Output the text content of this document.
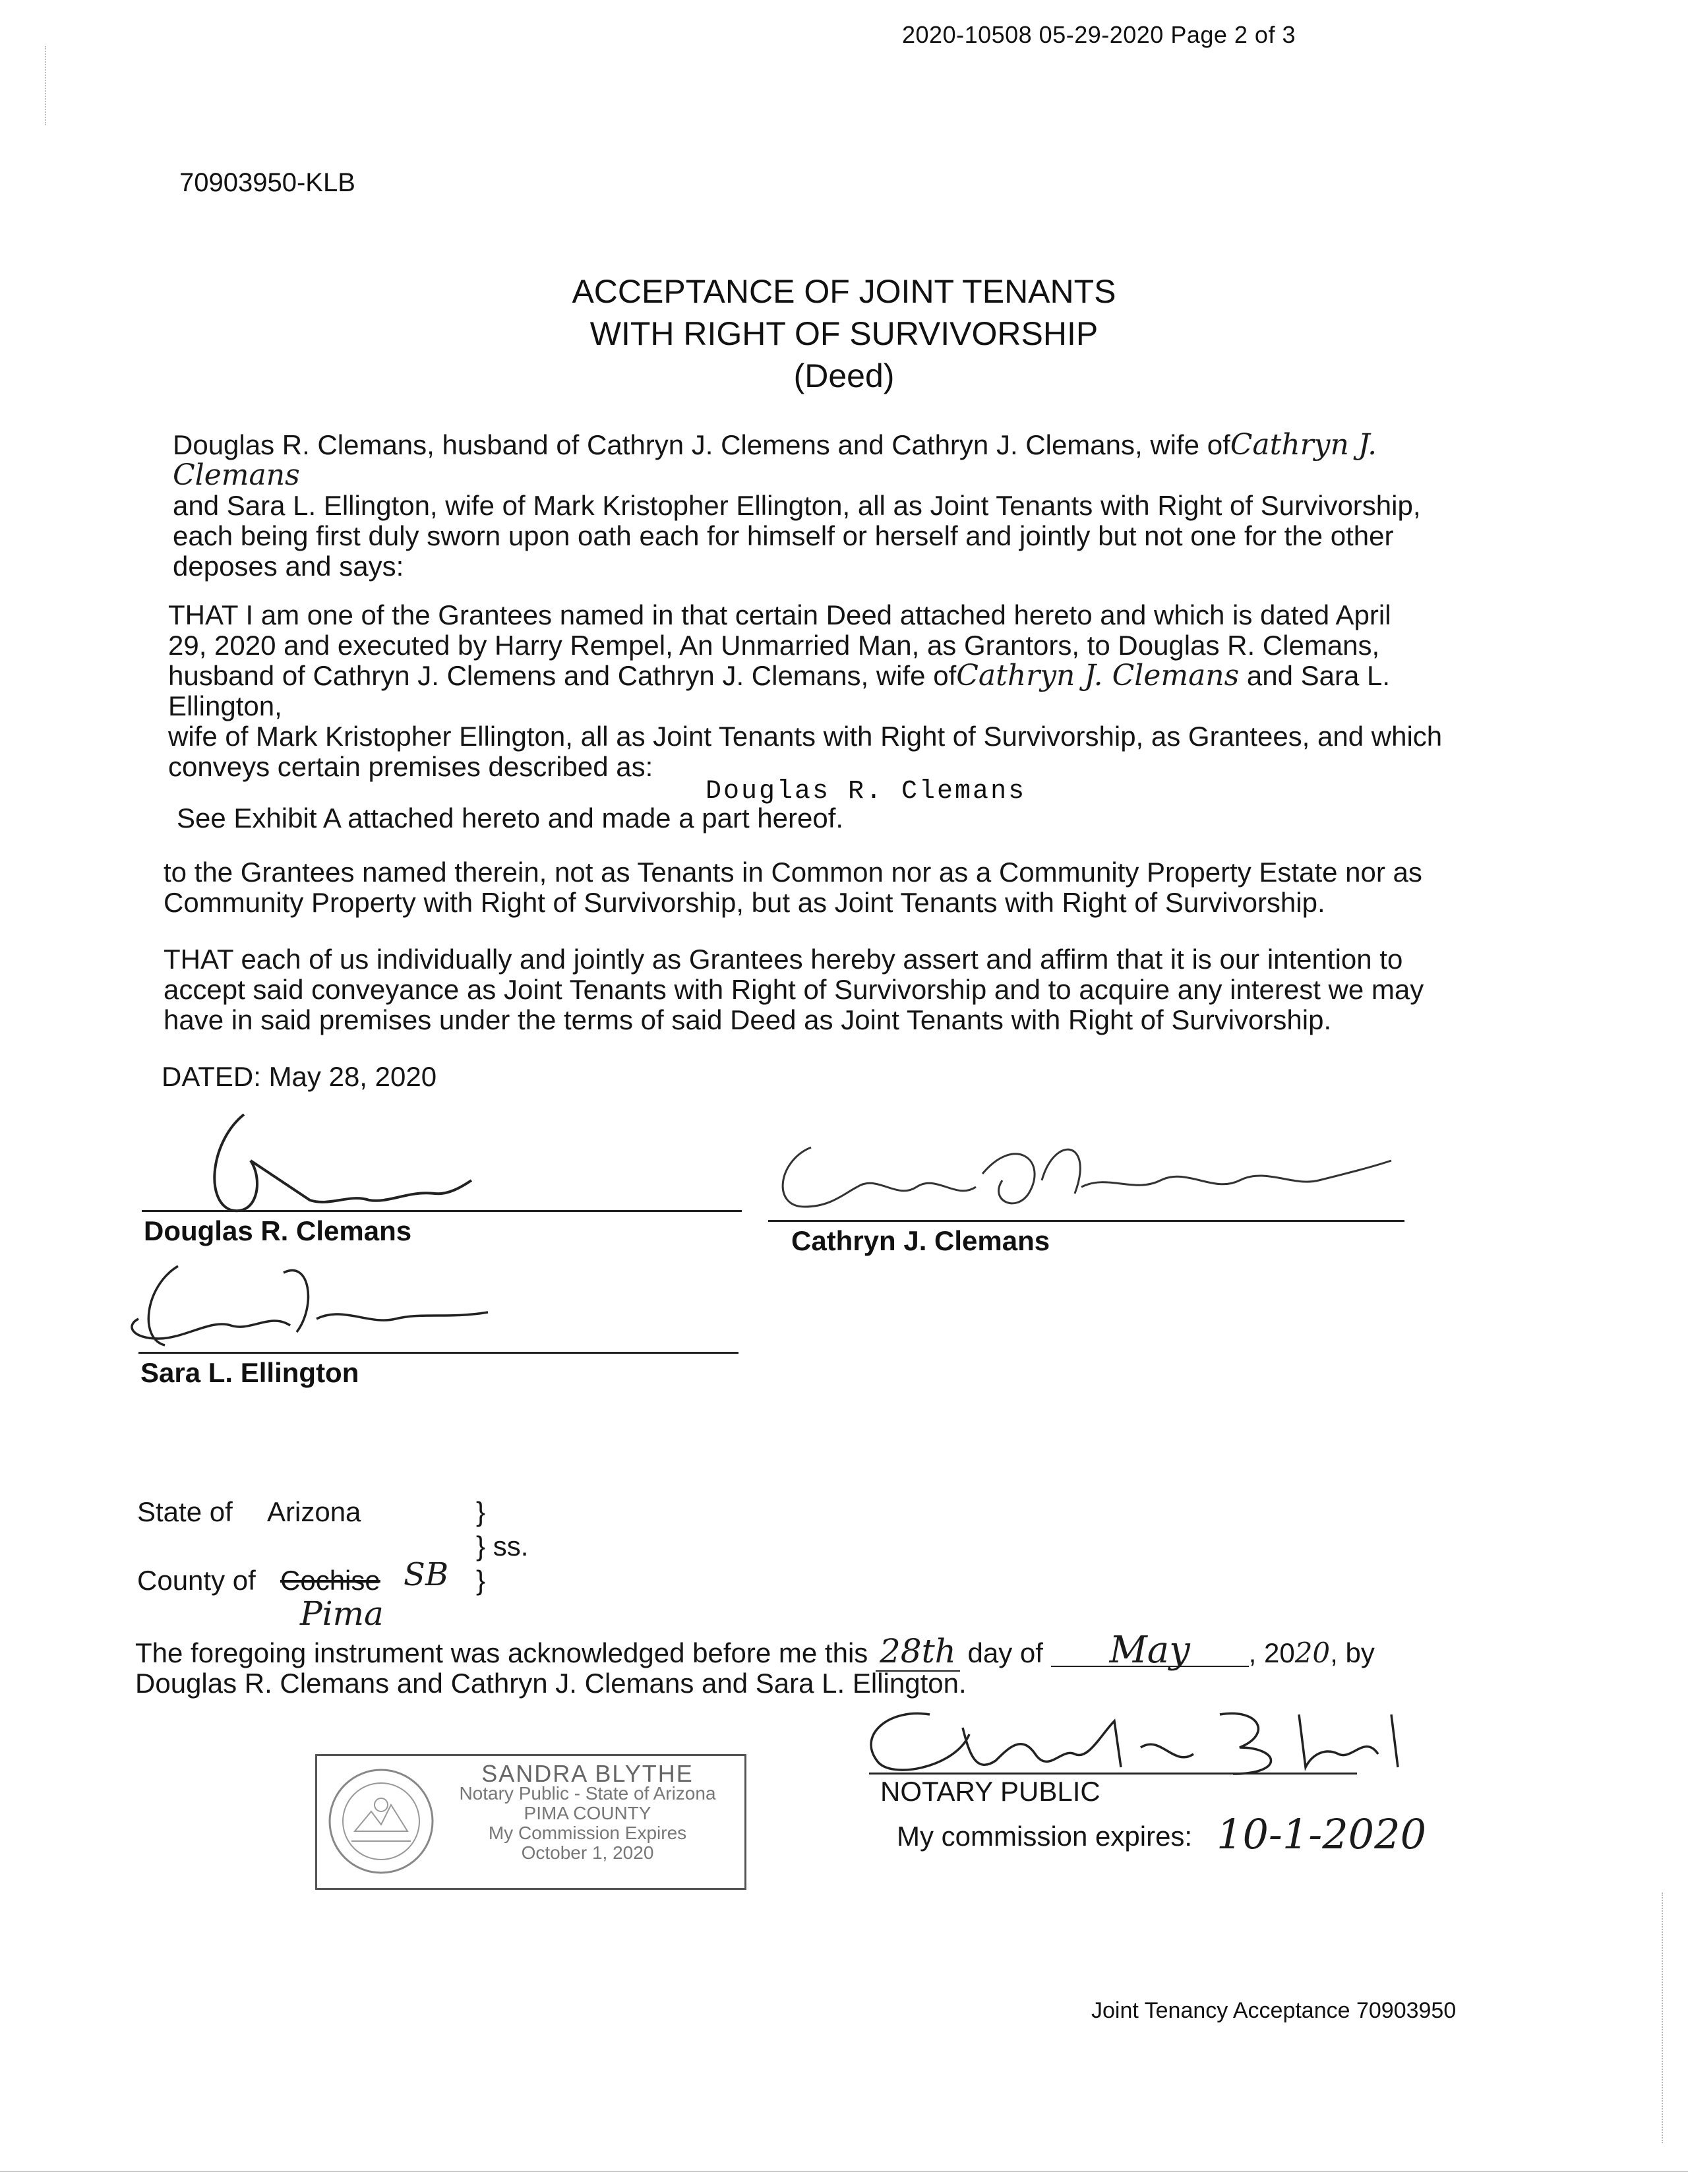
2020-10508 05-29-2020 Page 2 of 3
70903950-KLB
ACCEPTANCE OF JOINT TENANTS
WITH RIGHT OF SURVIVORSHIP
(Deed)
Douglas R. Clemans, husband of Cathryn J. Clemens and Cathryn J. Clemans, wife ofCathryn J. Clemans
and Sara L. Ellington, wife of Mark Kristopher Ellington, all as Joint Tenants with Right of Survivorship,
each being first duly sworn upon oath each for himself or herself and jointly but not one for the other
deposes and says:
THAT I am one of the Grantees named in that certain Deed attached hereto and which is dated April
29, 2020 and executed by Harry Rempel, An Unmarried Man, as Grantors, to Douglas R. Clemans,
husband of Cathryn J. Clemens and Cathryn J. Clemans, wife ofCathryn J. Clemans and Sara L. Ellington,
wife of Mark Kristopher Ellington, all as Joint Tenants with Right of Survivorship, as Grantees, and which
conveys certain premises described as:
Douglas R. Clemans
See Exhibit A attached hereto and made a part hereof.
to the Grantees named therein, not as Tenants in Common nor as a Community Property Estate nor as
Community Property with Right of Survivorship, but as Joint Tenants with Right of Survivorship.
THAT each of us individually and jointly as Grantees hereby assert and affirm that it is our intention to
accept said conveyance as Joint Tenants with Right of Survivorship and to acquire any interest we may
have in said premises under the terms of said Deed as Joint Tenants with Right of Survivorship.
DATED: May 28, 2020
Douglas R. Clemans	Cathryn J. Clemans
Sara L. Ellington
State of Arizona	}
} ss.
County of Cochise SB }
Pima
The foregoing instrument was acknowledged before me this 28th day of May , 2020, by
Douglas R. Clemans and Cathryn J. Clemans and Sara L. Ellington.
SANDRA BLYTHE
Notary Public - State of Arizona
PIMA COUNTY
My Commission Expires
October 1, 2020
NOTARY PUBLIC
My commission expires: 10-1-2020
Joint Tenancy Acceptance 70903950
